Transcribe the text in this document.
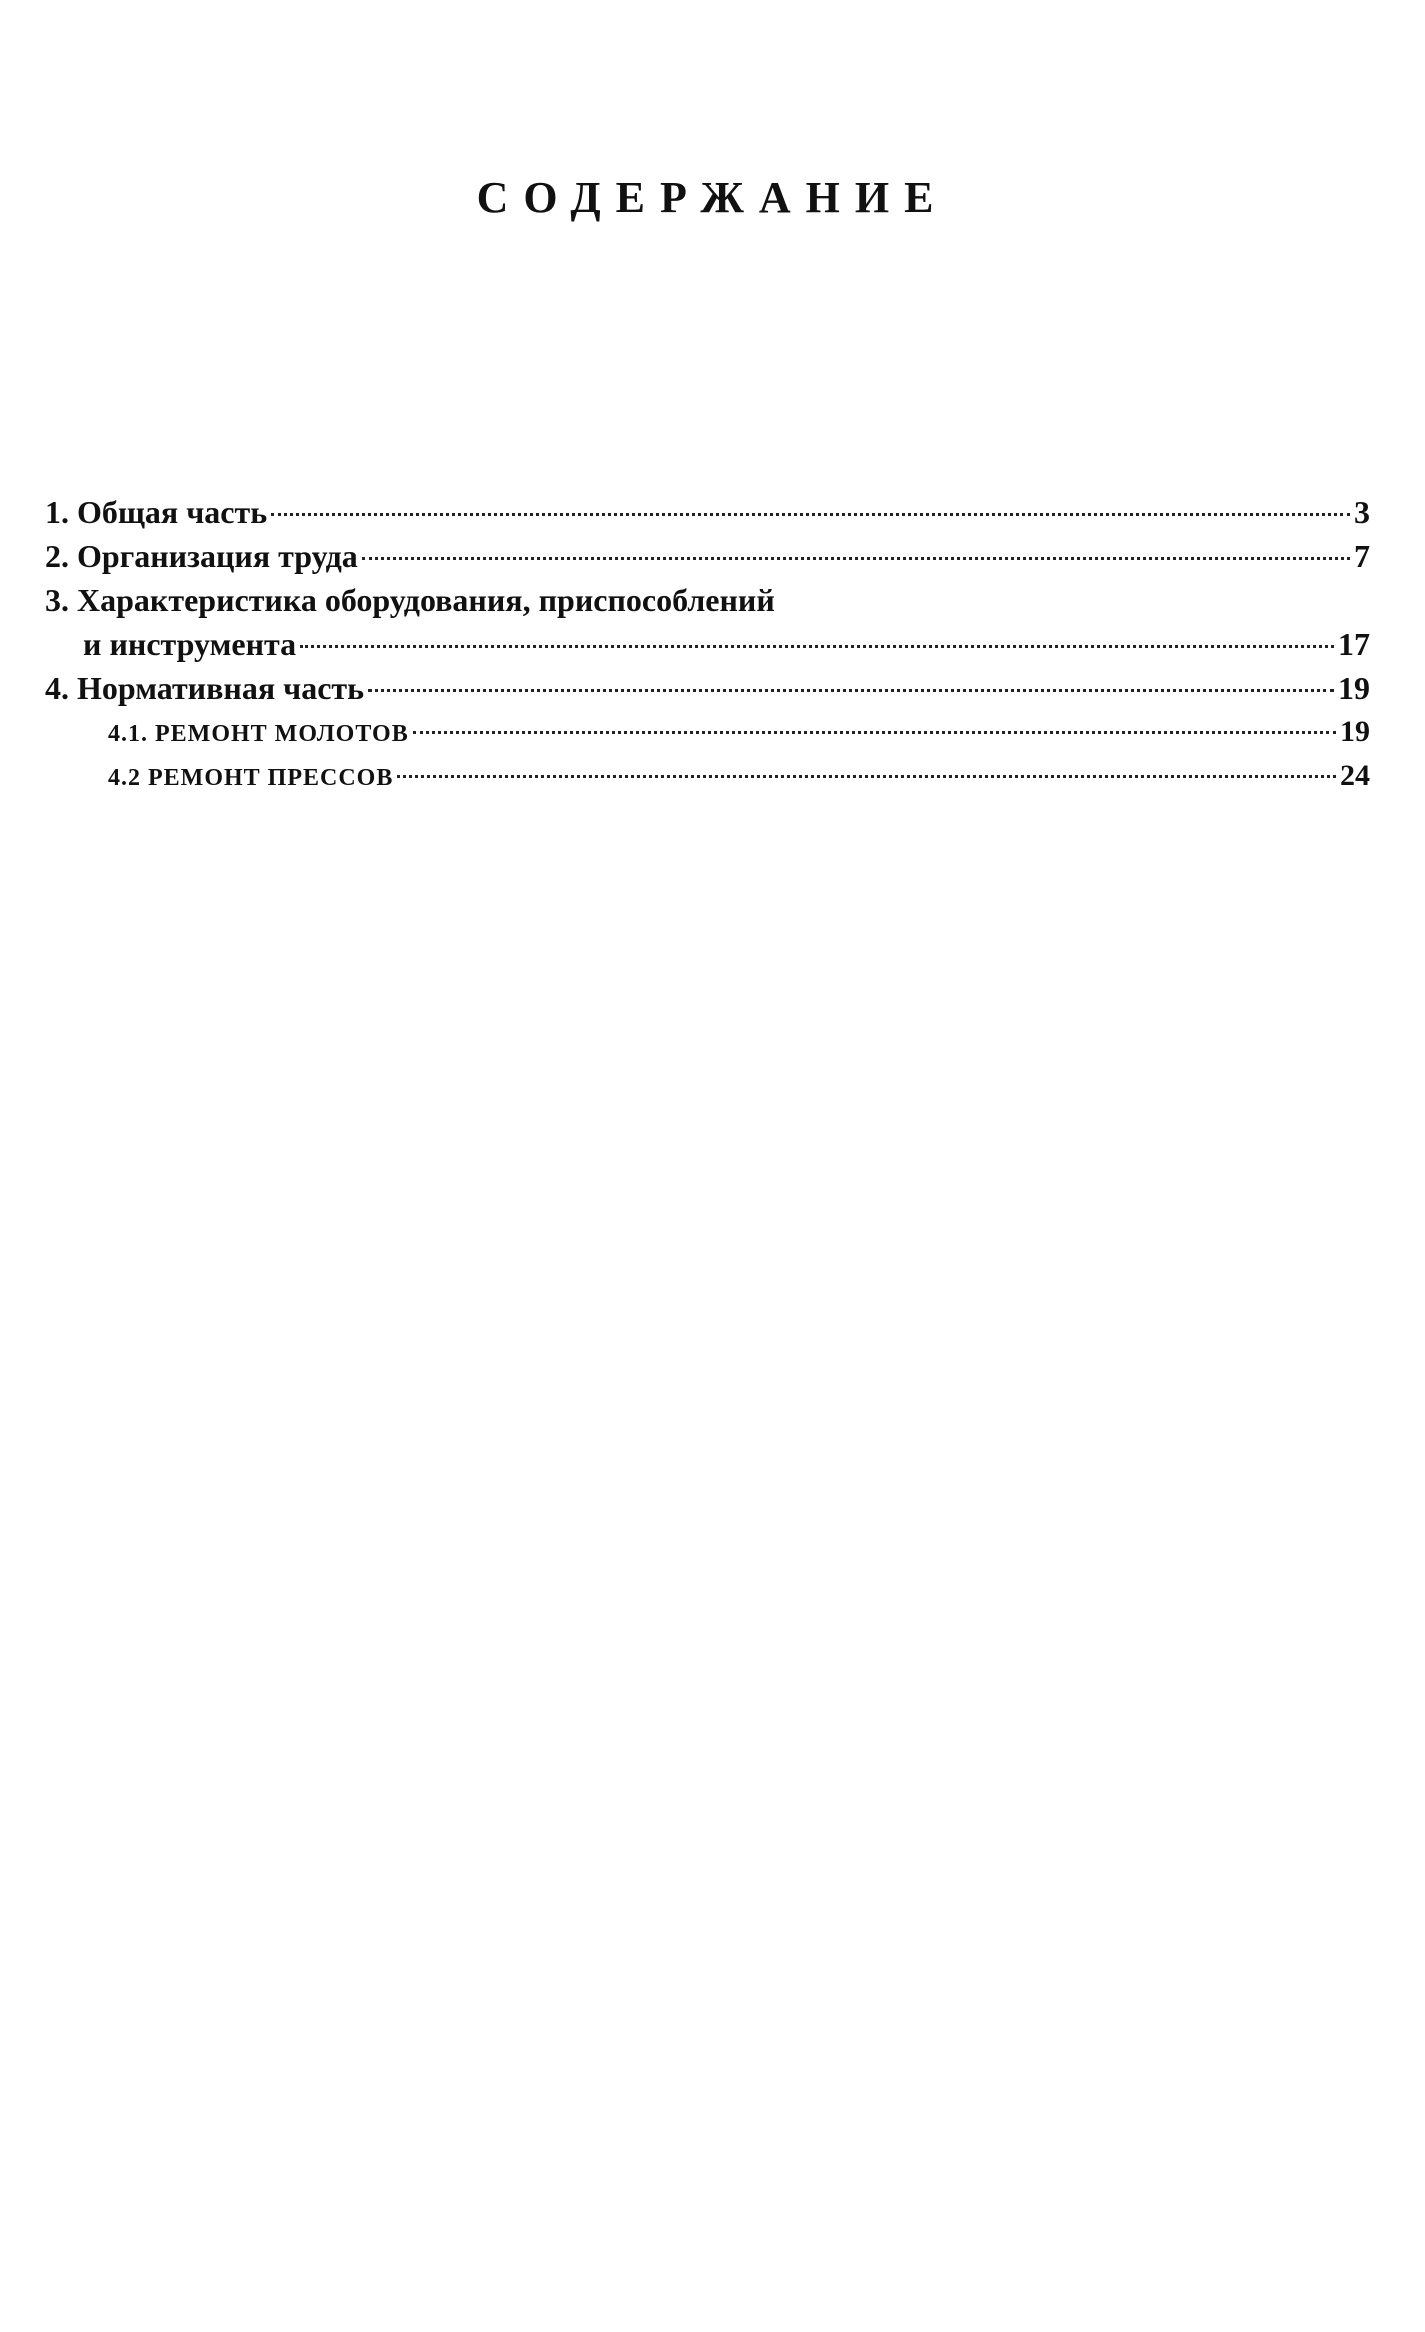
СОДЕРЖАНИЕ
1. Общая часть	3
2. Организация труда	7
3. Характеристика оборудования, приспособлений
и инструмента	17
4. Нормативная часть	19
4.1. РЕМОНТ МОЛОТОВ	19
4.2 РЕМОНТ ПРЕССОВ	24
